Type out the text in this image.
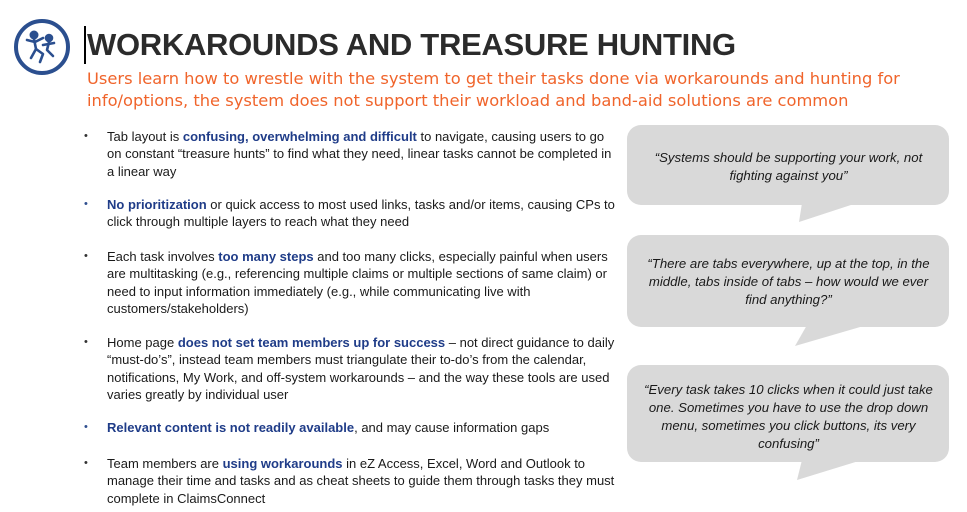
WORKAROUNDS AND TREASURE HUNTING

Users learn how to wrestle with the system to get their tasks done via workarounds and hunting for info/options, the system does not support their workload and band-aid solutions are common

•	Tab layout is confusing, overwhelming and difficult to navigate, causing users to go on constant “treasure hunts” to find what they need, linear tasks cannot be completed in a linear way
•	No prioritization or quick access to most used links, tasks and/or items, causing CPs to click through multiple layers to reach what they need
•	Each task involves too many steps and too many clicks, especially painful when users are multitasking (e.g., referencing multiple claims or multiple sections of same claim) or need to input information immediately (e.g., while communicating live with customers/stakeholders)
•	Home page does not set team members up for success – not direct guidance to daily “must-do’s”, instead team members must triangulate their to-do’s from the calendar, notifications, My Work, and off-system workarounds – and the way these tools are used varies greatly by individual user
•	Relevant content is not readily available, and may cause information gaps
•	Team members are using workarounds in eZ Access, Excel, Word and Outlook to manage their time and tasks and as cheat sheets to guide them through tasks they must complete in ClaimsConnect
“Systems should be supporting your work, not fighting against you”
“There are tabs everywhere, up at the top, in the middle, tabs inside of tabs – how would we ever find anything?”
“Every task takes 10 clicks when it could just take one. Sometimes you have to use the drop down menu, sometimes you click buttons, its very confusing”
